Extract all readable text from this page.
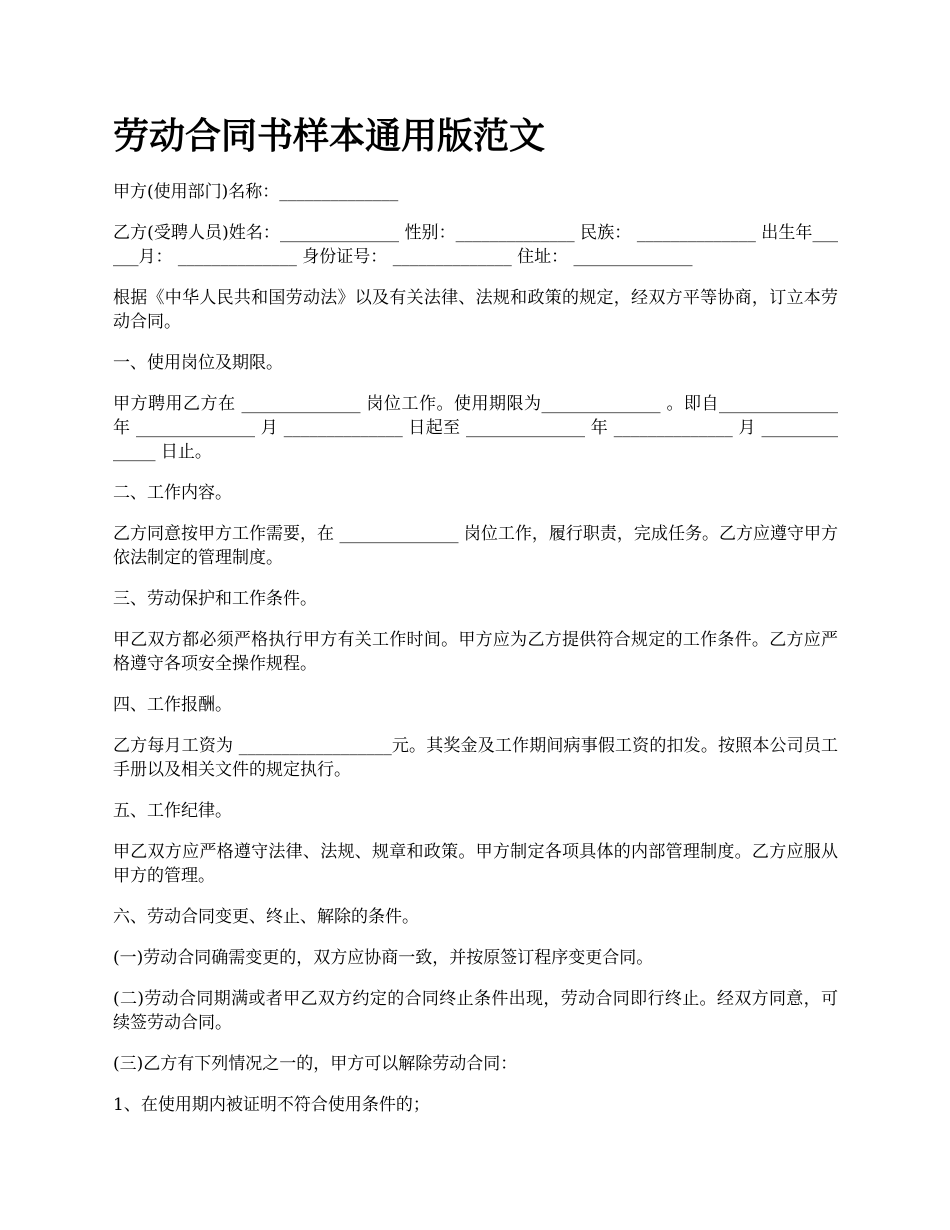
劳动合同书样本通用版范文

甲方(使用部门)名称：______________

乙方(受聘人员)姓名：______________ 性别：______________ 民族： ______________ 出生年______月： ______________ 身份证号： ______________ 住址： ______________

根据《中华人民共和国劳动法》以及有关法律、法规和政策的规定，经双方平等协商，订立本劳动合同。

一、使用岗位及期限。

甲方聘用乙方在 ______________ 岗位工作。使用期限为______________ 。即自______________ 年 ______________ 月 ______________ 日起至 ______________ 年 ______________ 月 ______________ 日止。

二、工作内容。

乙方同意按甲方工作需要，在 ______________ 岗位工作，履行职责，完成任务。乙方应遵守甲方依法制定的管理制度。

三、劳动保护和工作条件。

甲乙双方都必须严格执行甲方有关工作时间。甲方应为乙方提供符合规定的工作条件。乙方应严格遵守各项安全操作规程。

四、工作报酬。

乙方每月工资为 __________________元。其奖金及工作期间病事假工资的扣发。按照本公司员工手册以及相关文件的规定执行。

五、工作纪律。

甲乙双方应严格遵守法律、法规、规章和政策。甲方制定各项具体的内部管理制度。乙方应服从甲方的管理。

六、劳动合同变更、终止、解除的条件。

(一)劳动合同确需变更的，双方应协商一致，并按原签订程序变更合同。

(二)劳动合同期满或者甲乙双方约定的合同终止条件出现，劳动合同即行终止。经双方同意，可续签劳动合同。

(三)乙方有下列情况之一的，甲方可以解除劳动合同：

1、在使用期内被证明不符合使用条件的；
